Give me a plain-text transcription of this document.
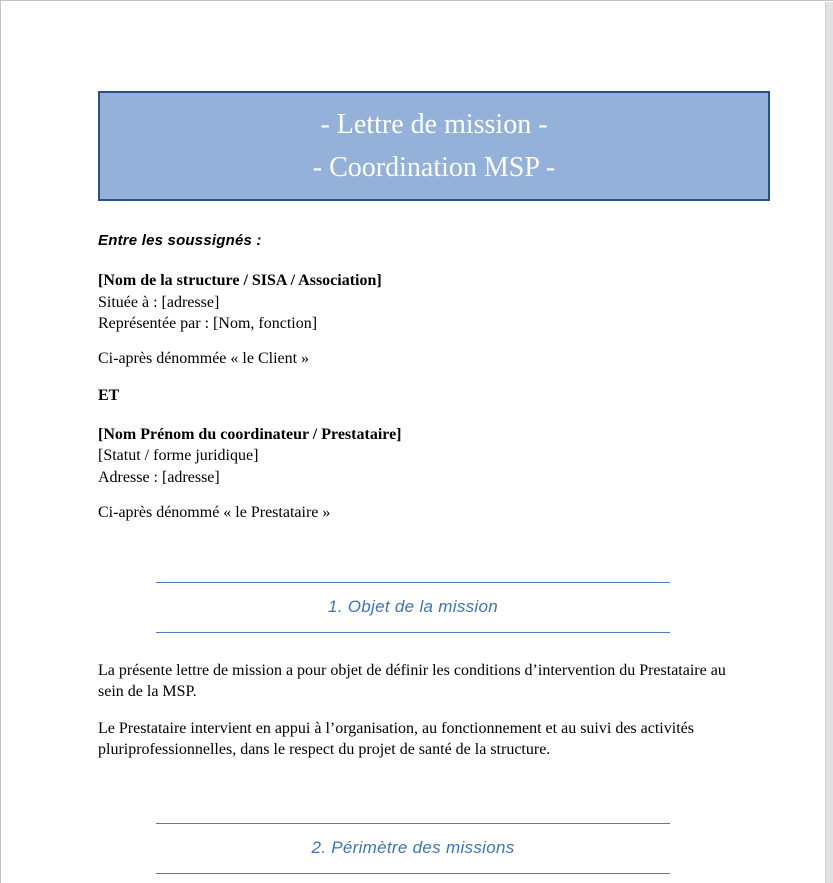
- Lettre de mission -
- Coordination MSP -

Entre les soussignés :

[Nom de la structure / SISA / Association]
Située à : [adresse]
Représentée par : [Nom, fonction]

Ci-après dénommée « le Client »

ET

[Nom Prénom du coordinateur / Prestataire]
[Statut / forme juridique]
Adresse : [adresse]

Ci-après dénommé « le Prestataire »

1. Objet de la mission

La présente lettre de mission a pour objet de définir les conditions d’intervention du Prestataire au sein de la MSP.

Le Prestataire intervient en appui à l’organisation, au fonctionnement et au suivi des activités pluriprofessionnelles, dans le respect du projet de santé de la structure.

2. Périmètre des missions
